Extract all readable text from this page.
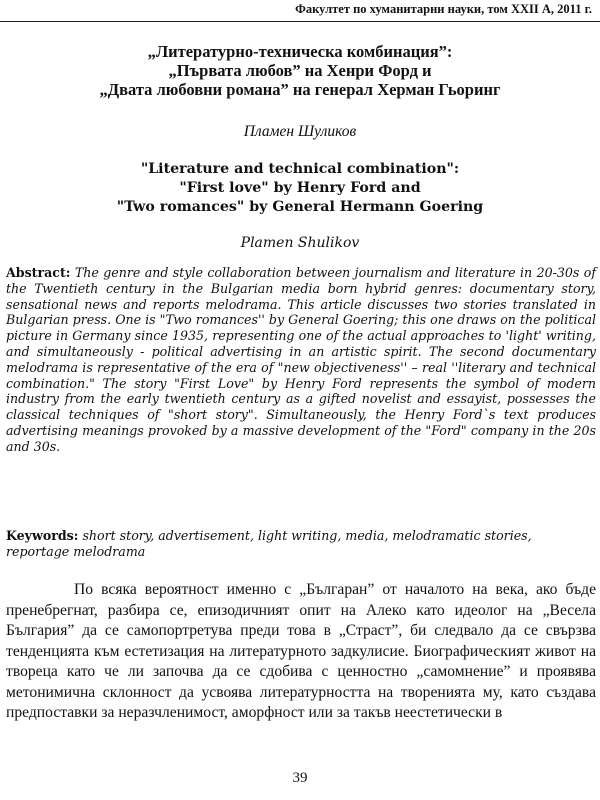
Факултет по хуманитарни науки, том XXII А, 2011 г.
„Литературно-техническа комбинация”:
„Първата любов” на Хенри Форд и
„Двата любовни романа” на генерал Херман Гьоринг
Пламен Шуликов
"Literature and technical combination":
"First love" by Henry Ford and
"Two romances" by General Hermann Goering
Plamen Shulikov
Abstract: The genre and style collaboration between journalism and literature in 20-30s of the Twentieth century in the Bulgarian media born hybrid genres: documentary story, sensational news and reports melodrama. This article discusses two stories translated in Bulgarian press. One is "Two romances'' by General Goering; this one draws on the political picture in Germany since 1935, representing one of the actual approaches to 'light' writing, and simultaneously - political advertising in an artistic spirit. The second documentary melodrama is representative of the era of "new objectiveness'' – real ''literary and technical combination." The story "First Love" by Henry Ford represents the symbol of modern industry from the early twentieth century as a gifted novelist and essayist, possesses the classical techniques of "short story". Simultaneously, the Henry Ford`s text produces advertising meanings provoked by a massive development of the "Ford" company in the 20s and 30s.
Keywords: short story, advertisement, light writing, media, melodramatic stories, reportage melodrama
По всяка вероятност именно с „Българан” от началото на века, ако бъде пренебрегнат, разбира се, епизодичният опит на Алеко като идеолог на „Весела България” да се самопортретува преди това в „Страст”, би следвало да се свързва тенденцията към естетизация на литературното задкулисие. Биографическият живот на твореца като че ли започва да се сдобива с ценностно „самомнение” и проявява метонимична склонност да усвоява литературността на творенията му, като създава предпоставки за неразчленимост, аморфност или за такъв неестетически в
39
